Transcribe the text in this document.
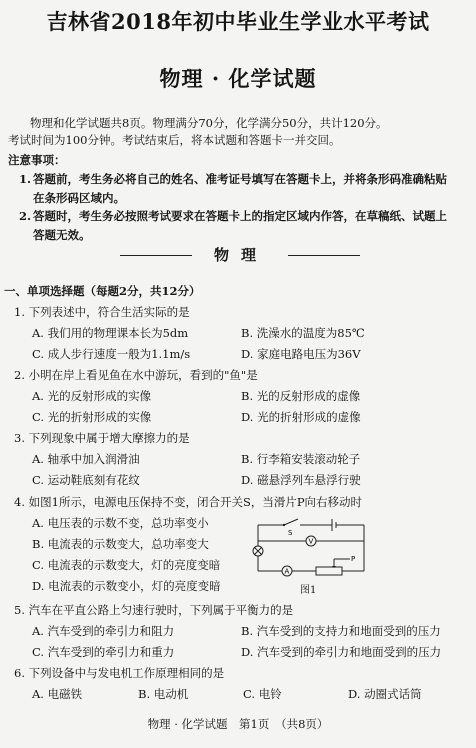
吉林省2018年初中毕业生学业水平考试
物理 · 化学试题
物理和化学试题共8页。物理满分70分，化学满分50分，共计120分。
考试时间为100分钟。考试结束后，将本试题和答题卡一并交回。
注意事项：
1. 答题前，考生务必将自己的姓名、准考证号填写在答题卡上，并将条形码准确粘贴
在条形码区域内。
2. 答题时，考生务必按照考试要求在答题卡上的指定区域内作答，在草稿纸、试题上
答题无效。
物理
一、单项选择题（每题2分，共12分）
1. 下列表述中，符合生活实际的是
A. 我们用的物理课本长为5dm	B. 洗澡水的温度为85℃
C. 成人步行速度一般为1.1m/s	D. 家庭电路电压为36V
2. 小明在岸上看见鱼在水中游玩，看到的"鱼"是
A. 光的反射形成的实像	B. 光的反射形成的虚像
C. 光的折射形成的实像	D. 光的折射形成的虚像
3. 下列现象中属于增大摩擦力的是
A. 轴承中加入润滑油	B. 行李箱安装滚动轮子
C. 运动鞋底刻有花纹	D. 磁悬浮列车悬浮行驶
4. 如图1所示，电源电压保持不变，闭合开关S，当滑片P向右移动时
A. 电压表的示数不变，总功率变小
B. 电流表的示数变大，总功率变大
C. 电流表的示数变大，灯的亮度变暗
D. 电流表的示数变小，灯的亮度变暗
S
V
A
P
图1
5. 汽车在平直公路上匀速行驶时，下列属于平衡力的是
A. 汽车受到的牵引力和阻力	B. 汽车受到的支持力和地面受到的压力
C. 汽车受到的牵引力和重力	D. 汽车受到的牵引力和地面受到的压力
6. 下列设备中与发电机工作原理相同的是
A. 电磁铁	B. 电动机	C. 电铃	D. 动圈式话筒
物理 · 化学试题　第1页　（共8页）
